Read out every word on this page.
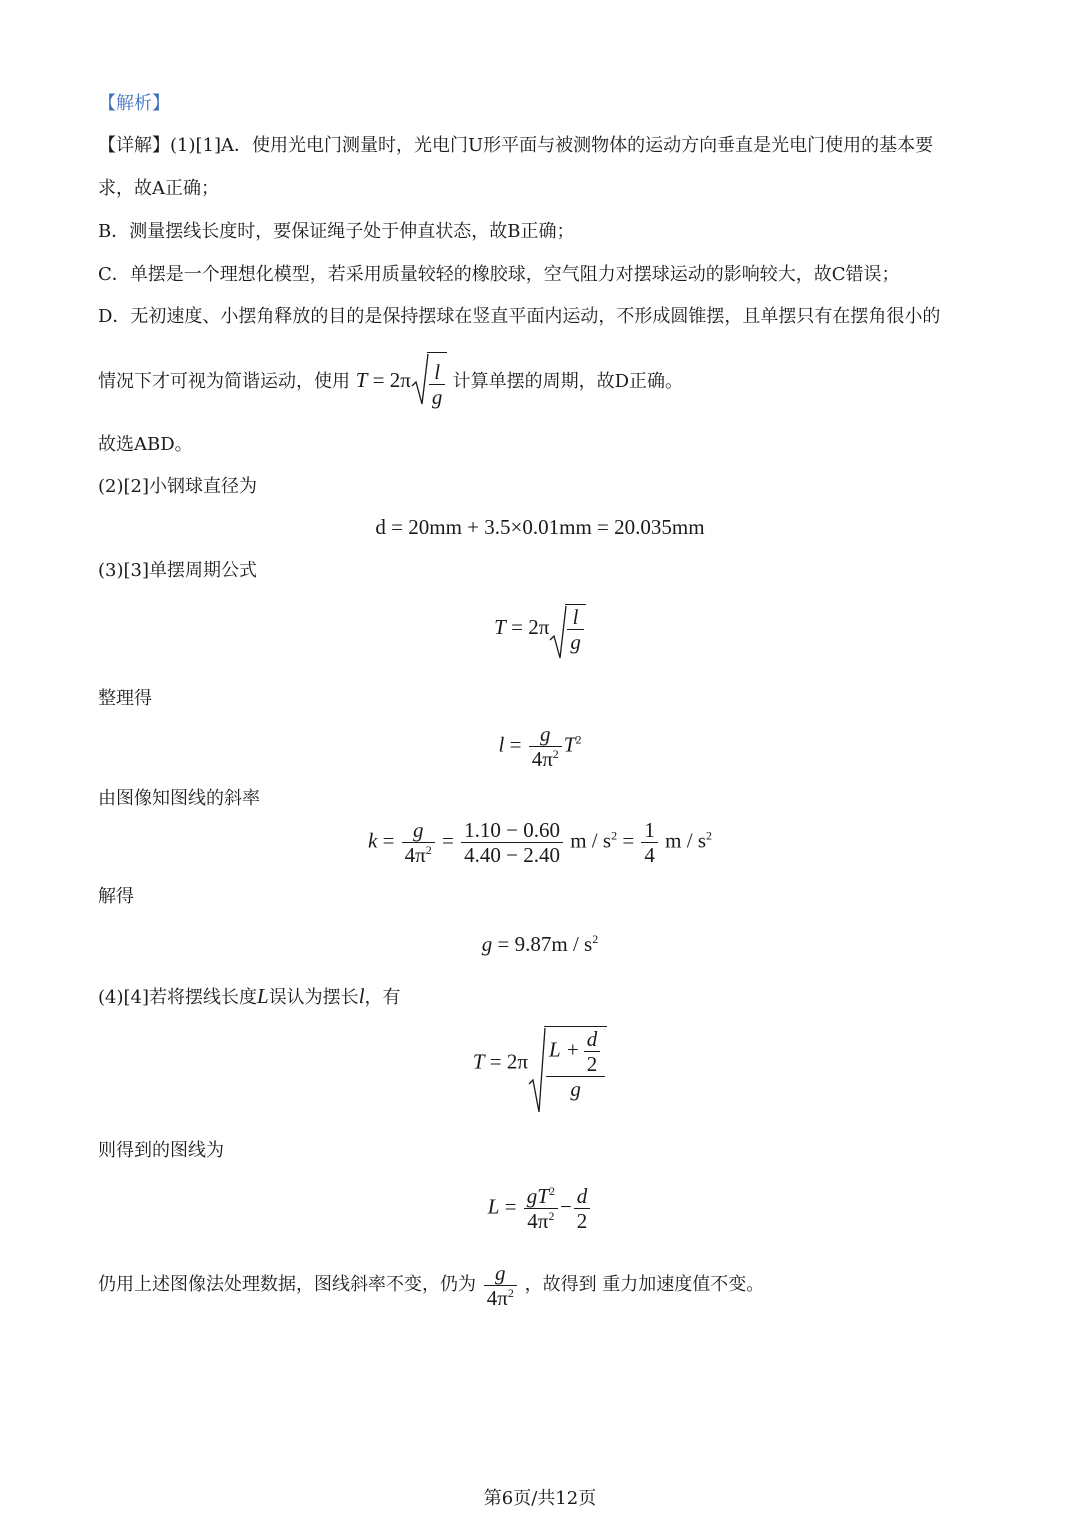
【解析】
【详解】(1)[1]A．使用光电门测量时，光电门U形平面与被测物体的运动方向垂直是光电门使用的基本要
求，故A正确；
B．测量摆线长度时，要保证绳子处于伸直状态，故B正确；
C．单摆是一个理想化模型，若采用质量较轻的橡胶球，空气阻力对摆球运动的影响较大，故C错误；
D．无初速度、小摆角释放的目的是保持摆球在竖直平面内运动，不形成圆锥摆，且单摆只有在摆角很小的
情况下才可视为简谐运动，使用 $T = 2\pi \frac{l}{g}$ 计算单摆的周期，故D正确。
故选ABD。
(2)[2]小钢球直径为
d = 20mm + 3.5×0.01mm = 20.035mm
(3)[3]单摆周期公式
$T = 2\pi \frac{l}{g}$
整理得
$l = \frac{g}{4\pi^2} T^2$
由图像知图线的斜率
$k = \frac{g}{4\pi^2} = \frac{1.10 - 0.60}{4.40 - 2.40}$ $m / s^2 = \frac{1}{4}$ m / $s^2$
解得
$g = 9.87m / s^2$
(4)[4]若将摆线长度L误认为摆长l，有
$T = 2\pi \frac{L + \frac{d}{2}}{g}$
则得到的图线为
$L = \frac{gT^2}{4\pi^2} - \frac{d}{2}$
仍用上述图像法处理数据，图线斜率不变，仍为 $\frac{g}{4\pi^2}$ ，故得到 重力加速度值不变。
第6页/共12页
